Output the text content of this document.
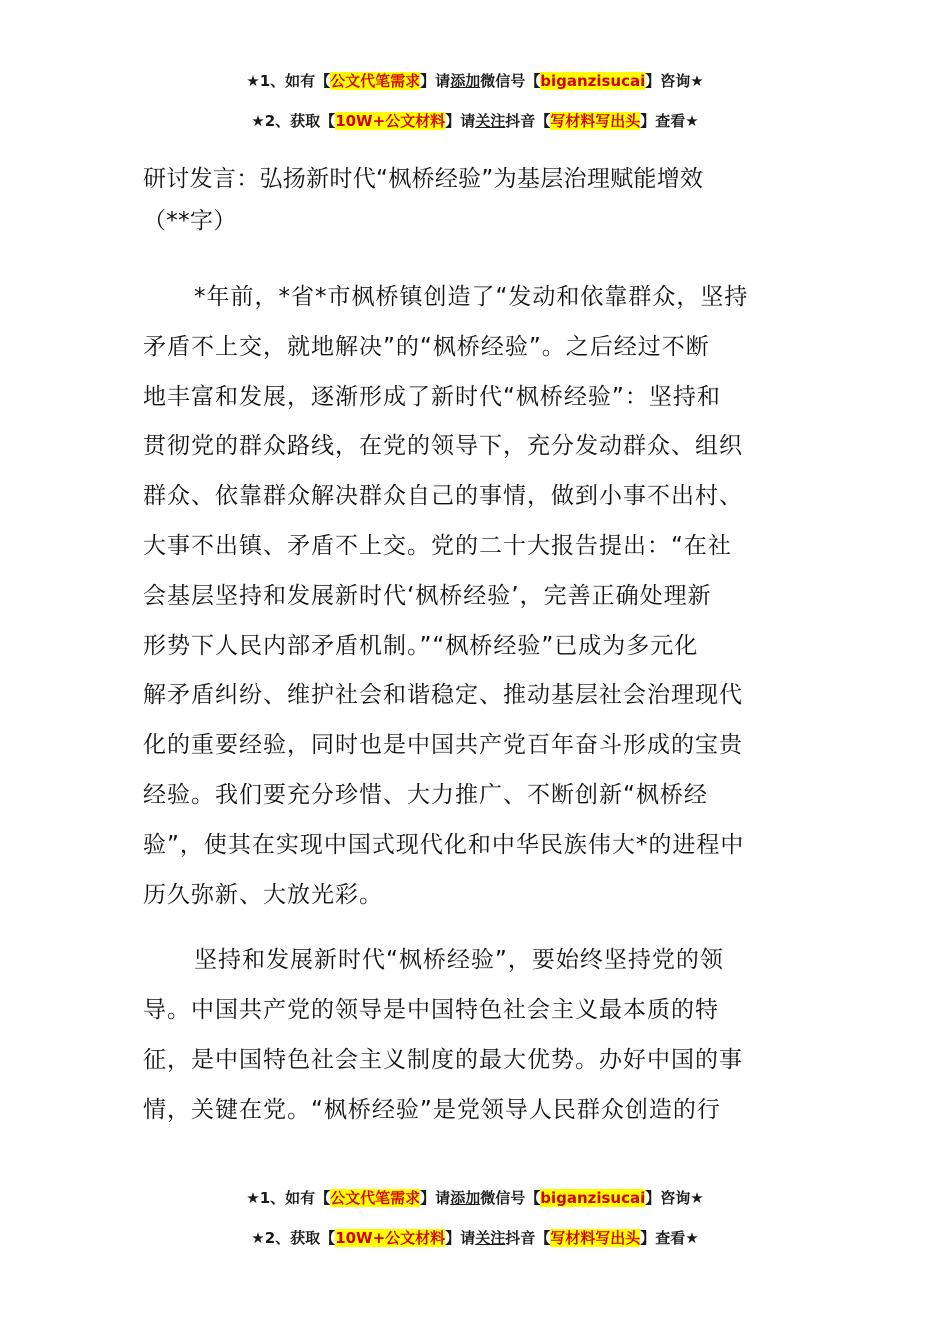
★1、如有【公文代笔需求】请添加微信号【biganzisucai】咨询★
★2、获取【10W+公文材料】请关注抖音【写材料写出头】查看★
研讨发言：弘扬新时代“枫桥经验”为基层治理赋能增效
（**字）
*年前，*省*市枫桥镇创造了“发动和依靠群众，坚持
矛盾不上交，就地解决”的“枫桥经验”。之后经过不断
地丰富和发展，逐渐形成了新时代“枫桥经验”：坚持和
贯彻党的群众路线，在党的领导下，充分发动群众、组织
群众、依靠群众解决群众自己的事情，做到小事不出村、
大事不出镇、矛盾不上交。党的二十大报告提出：“在社
会基层坚持和发展新时代‘枫桥经验’，完善正确处理新
形势下人民内部矛盾机制。”“枫桥经验”已成为多元化
解矛盾纠纷、维护社会和谐稳定、推动基层社会治理现代
化的重要经验，同时也是中国共产党百年奋斗形成的宝贵
经验。我们要充分珍惜、大力推广、不断创新“枫桥经
验”，使其在实现中国式现代化和中华民族伟大*的进程中
历久弥新、大放光彩。
坚持和发展新时代“枫桥经验”，要始终坚持党的领
导。中国共产党的领导是中国特色社会主义最本质的特
征，是中国特色社会主义制度的最大优势。办好中国的事
情，关键在党。“枫桥经验”是党领导人民群众创造的行
★1、如有【公文代笔需求】请添加微信号【biganzisucai】咨询★
★2、获取【10W+公文材料】请关注抖音【写材料写出头】查看★
